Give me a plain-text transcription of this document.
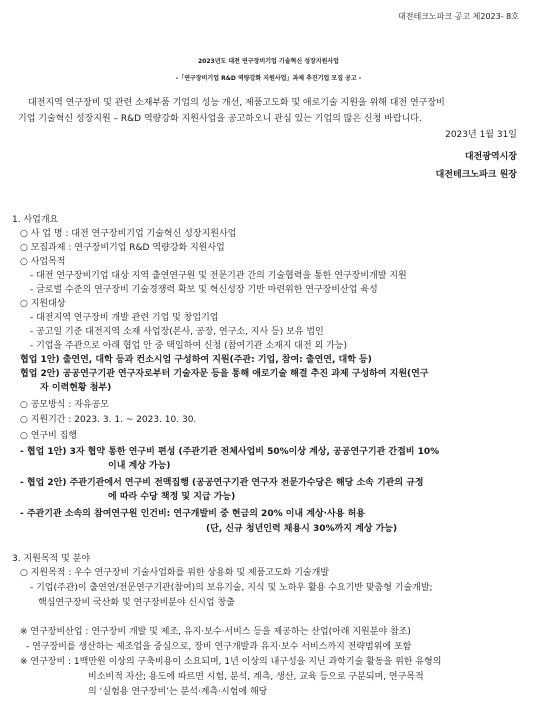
대전테크노파크 공고 제2023- 8호
2023년도 대전 연구장비기업 기술혁신 성장지원사업
-「연구장비기업 R&D 역량강화 지원사업」과제 추진기업 모집 공고 -
대전지역 연구장비 및 관련 소재부품 기업의 성능 개선, 제품고도화 및 애로기술 지원을 위해 대전 연구장비
기업 기술혁신 성장지원 – R&D 역량강화 지원사업을 공고하오니 관심 있는 기업의 많은 신청 바랍니다.
2023년 1월 31일
대전광역시장
대전테크노파크 원장
1. 사업개요
○ 사 업 명 : 대전 연구장비기업 기술혁신 성장지원사업
○ 모집과제 : 연구장비기업 R&D 역량강화 지원사업
○ 사업목적
- 대전 연구장비기업 대상 지역 출연연구원 및 전문기관 간의 기술협력을 통한 연구장비개발 지원
- 글로벌 수준의 연구장비 기술경쟁력 확보 및 혁신성장 기반 마련위한 연구장비산업 육성
○ 지원대상
- 대전지역 연구장비 개발 관련 기업 및 창업기업
- 공고일 기준 대전지역 소재 사업장(본사, 공장, 연구소, 지사 등) 보유 법인
- 기업을 주관으로 아래 협업 안 중 택일하여 신청 (참여기관 소재지 대전 외 가능)
협업 1안) 출연연, 대학 등과 컨소시엄 구성하여 지원(주관: 기업, 참여: 출연연, 대학 등)
협업 2안) 공공연구기관 연구자로부터 기술자문 등을 통해 애로기술 해결 추진 과제 구성하여 지원(연구
자 이력현황 첨부)
○ 공모방식 : 자유공모
○ 지원기간 : 2023. 3. 1. ~ 2023. 10. 30.
○ 연구비 집행
- 협업 1안) 3자 협약 통한 연구비 편성 (주관기관 전체사업비 50%이상 계상, 공공연구기관 간접비 10%
이내 계상 가능)
- 협업 2안) 주관기관에서 연구비 전액집행 (공공연구기관 연구자 전문가수당은 해당 소속 기관의 규정
에 따라 수당 책정 및 지급 가능)
- 주관기관 소속의 참여연구원 인건비: 연구개발비 중 현금의 20% 이내 계상·사용 허용
(단, 신규 청년인력 채용시 30%까지 계상 가능)
3. 지원목적 및 분야
○ 지원목적 : 우수 연구장비 기술사업화를 위한 상용화 및 제품고도화 기술개발
- 기업(주관)이 출연연/전문연구기관(참여)의 보유기술, 지식 및 노하우 활용 수요기반 맞춤형 기술개발;
핵심연구장비 국산화 및 연구장비분야 신시업 창출
※ 연구장비산업 : 연구장비 개발 및 제조, 유지·보수·서비스 등을 제공하는 산업(아래 지원분야 참조)
- 연구장비를 생산하는 제조업을 중심으로, 장비 연구개발과 유지·보수 서비스까지 전략범위에 포함
※ 연구장비 : 1백만원 이상의 구축비용이 소요되며, 1년 이상의 내구성을 지닌 과학기술 활동을 위한 유형의
비소비적 자산; 용도에 따르면 시험, 분석, 계측, 생산, 교육 등으로 구분되며, 연구목적
의 ‘실험용 연구장비’는 분석·계측·시험에 해당
